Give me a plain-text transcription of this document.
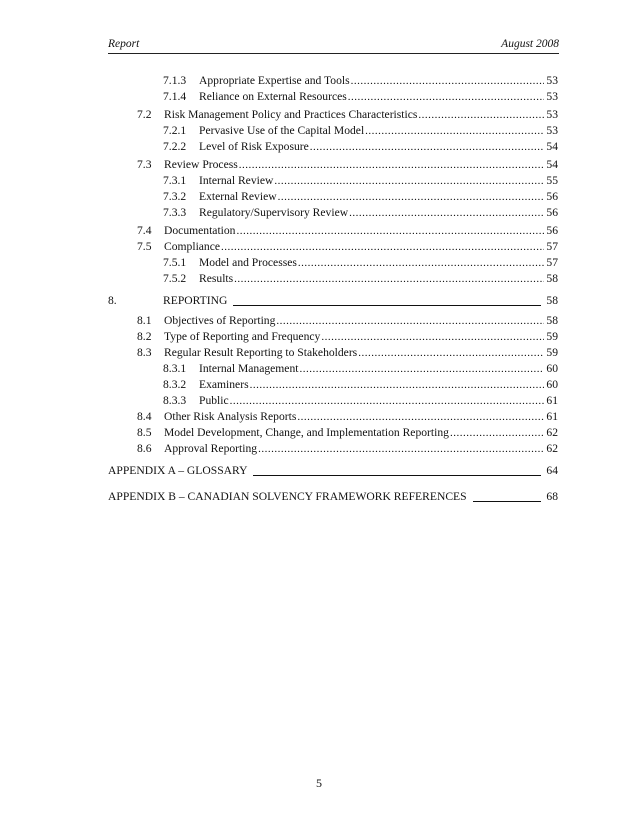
Report	August 2008
7.1.3	Appropriate Expertise and Tools .....	53
7.1.4	Reliance on External Resources .....	53
7.2	Risk Management Policy and Practices Characteristics .....	53
7.2.1	Pervasive Use of the Capital Model .....	53
7.2.2	Level of Risk Exposure .....	54
7.3	Review Process .....	54
7.3.1	Internal Review .....	55
7.3.2	External Review .....	56
7.3.3	Regulatory/Supervisory Review .....	56
7.4	Documentation .....	56
7.5	Compliance .....	57
7.5.1	Model and Processes .....	57
7.5.2	Results .....	58
8.	REPORTING	58
8.1	Objectives of Reporting .....	58
8.2	Type of Reporting and Frequency .....	59
8.3	Regular Result Reporting to Stakeholders .....	59
8.3.1	Internal Management .....	60
8.3.2	Examiners .....	60
8.3.3	Public .....	61
8.4	Other Risk Analysis Reports .....	61
8.5	Model Development, Change, and Implementation Reporting .....	62
8.6	Approval Reporting .....	62
APPENDIX A – GLOSSARY	64
APPENDIX B – CANADIAN SOLVENCY FRAMEWORK REFERENCES	68
5
